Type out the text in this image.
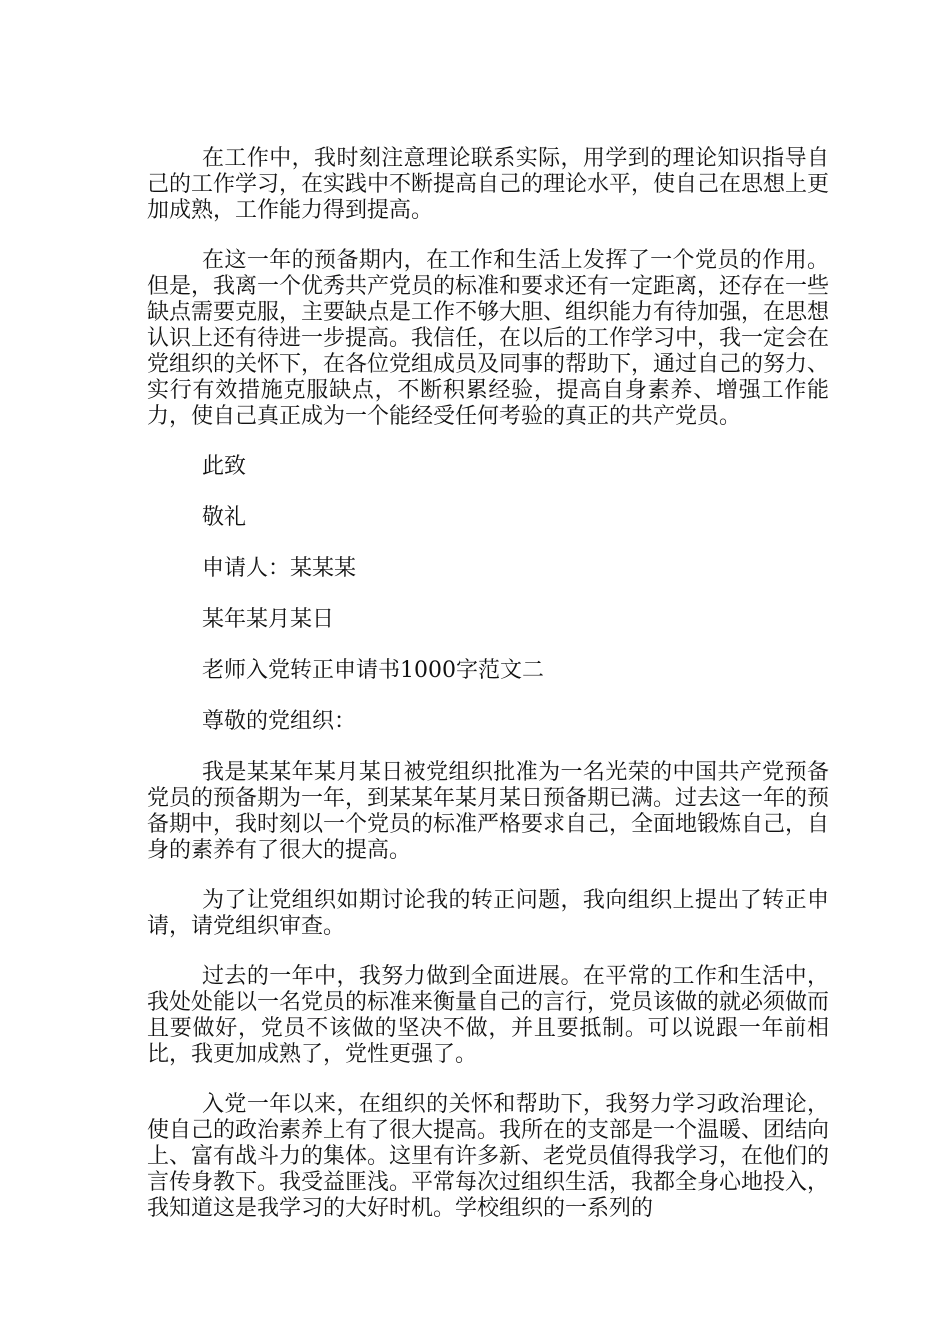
在工作中，我时刻注意理论联系实际，用学到的理论知识指导自己的工作学习，在实践中不断提高自己的理论水平，使自己在思想上更加成熟，工作能力得到提高。

在这一年的预备期内，在工作和生活上发挥了一个党员的作用。但是，我离一个优秀共产党员的标准和要求还有一定距离，还存在一些缺点需要克服，主要缺点是工作不够大胆、组织能力有待加强，在思想认识上还有待进一步提高。我信任，在以后的工作学习中，我一定会在党组织的关怀下，在各位党组成员及同事的帮助下，通过自己的努力、实行有效措施克服缺点，不断积累经验，提高自身素养、增强工作能力，使自己真正成为一个能经受任何考验的真正的共产党员。

此致

敬礼

申请人：某某某

某年某月某日

老师入党转正申请书1000字范文二

尊敬的党组织：

我是某某年某月某日被党组织批准为一名光荣的中国共产党预备党员的预备期为一年，到某某年某月某日预备期已满。过去这一年的预备期中，我时刻以一个党员的标准严格要求自己，全面地锻炼自己，自身的素养有了很大的提高。

为了让党组织如期讨论我的转正问题，我向组织上提出了转正申请，请党组织审查。

过去的一年中，我努力做到全面进展。在平常的工作和生活中，我处处能以一名党员的标准来衡量自己的言行，党员该做的就必须做而且要做好，党员不该做的坚决不做，并且要抵制。可以说跟一年前相比，我更加成熟了，党性更强了。

入党一年以来，在组织的关怀和帮助下，我努力学习政治理论，使自己的政治素养上有了很大提高。我所在的支部是一个温暖、团结向上、富有战斗力的集体。这里有许多新、老党员值得我学习，在他们的言传身教下。我受益匪浅。平常每次过组织生活，我都全身心地投入，我知道这是我学习的大好时机。学校组织的一系列的
